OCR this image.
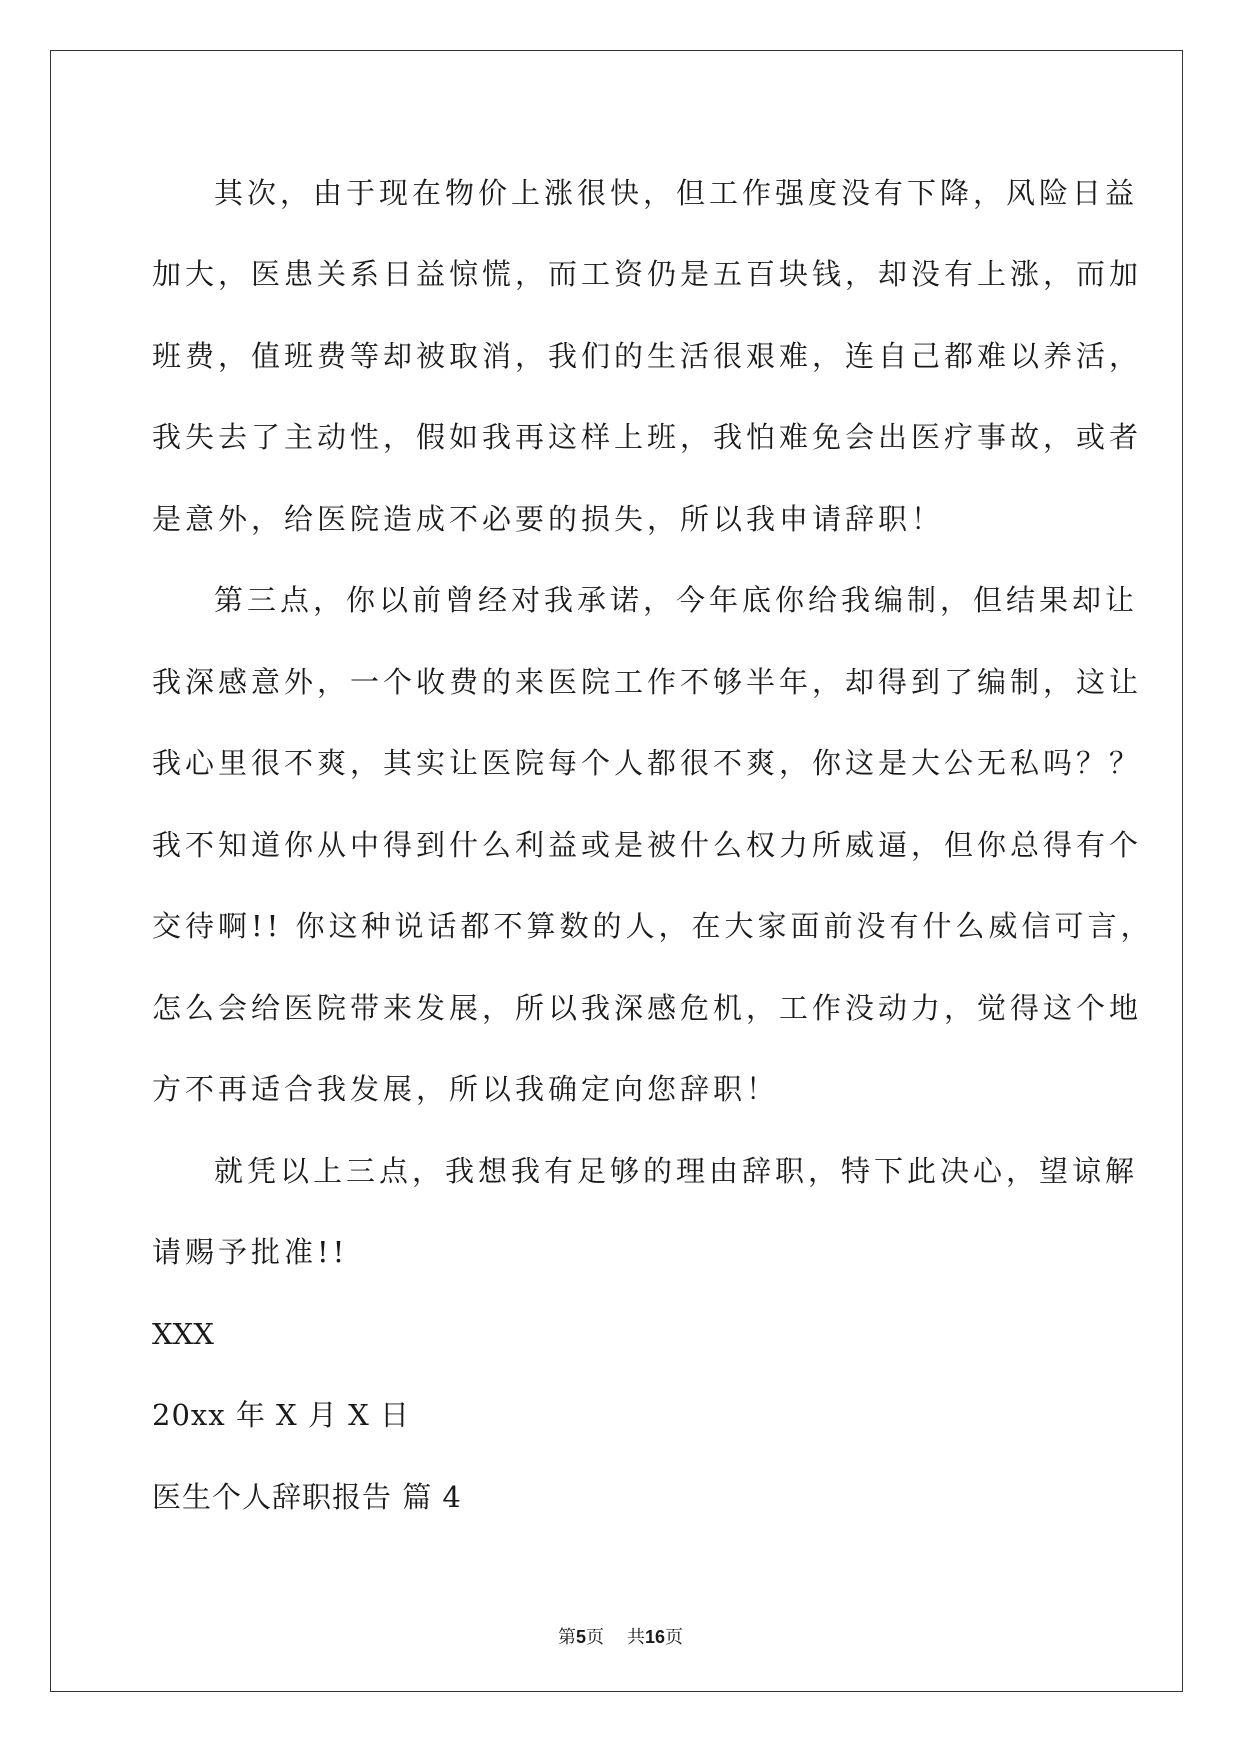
其次，由于现在物价上涨很快，但工作强度没有下降，风险日益
加大，医患关系日益惊慌，而工资仍是五百块钱，却没有上涨，而加
班费，值班费等却被取消，我们的生活很艰难，连自己都难以养活，
我失去了主动性，假如我再这样上班，我怕难免会出医疗事故，或者
是意外，给医院造成不必要的损失，所以我申请辞职！
第三点，你以前曾经对我承诺，今年底你给我编制，但结果却让
我深感意外，一个收费的来医院工作不够半年，却得到了编制，这让
我心里很不爽，其实让医院每个人都很不爽，你这是大公无私吗？？
我不知道你从中得到什么利益或是被什么权力所威逼，但你总得有个
交待啊!! 你这种说话都不算数的人，在大家面前没有什么威信可言，
怎么会给医院带来发展，所以我深感危机，工作没动力，觉得这个地
方不再适合我发展，所以我确定向您辞职！
就凭以上三点，我想我有足够的理由辞职，特下此决心，望谅解
请赐予批准!!
XXX
20xx 年 X 月 X 日
医生个人辞职报告 篇 4
第5页 共16页
